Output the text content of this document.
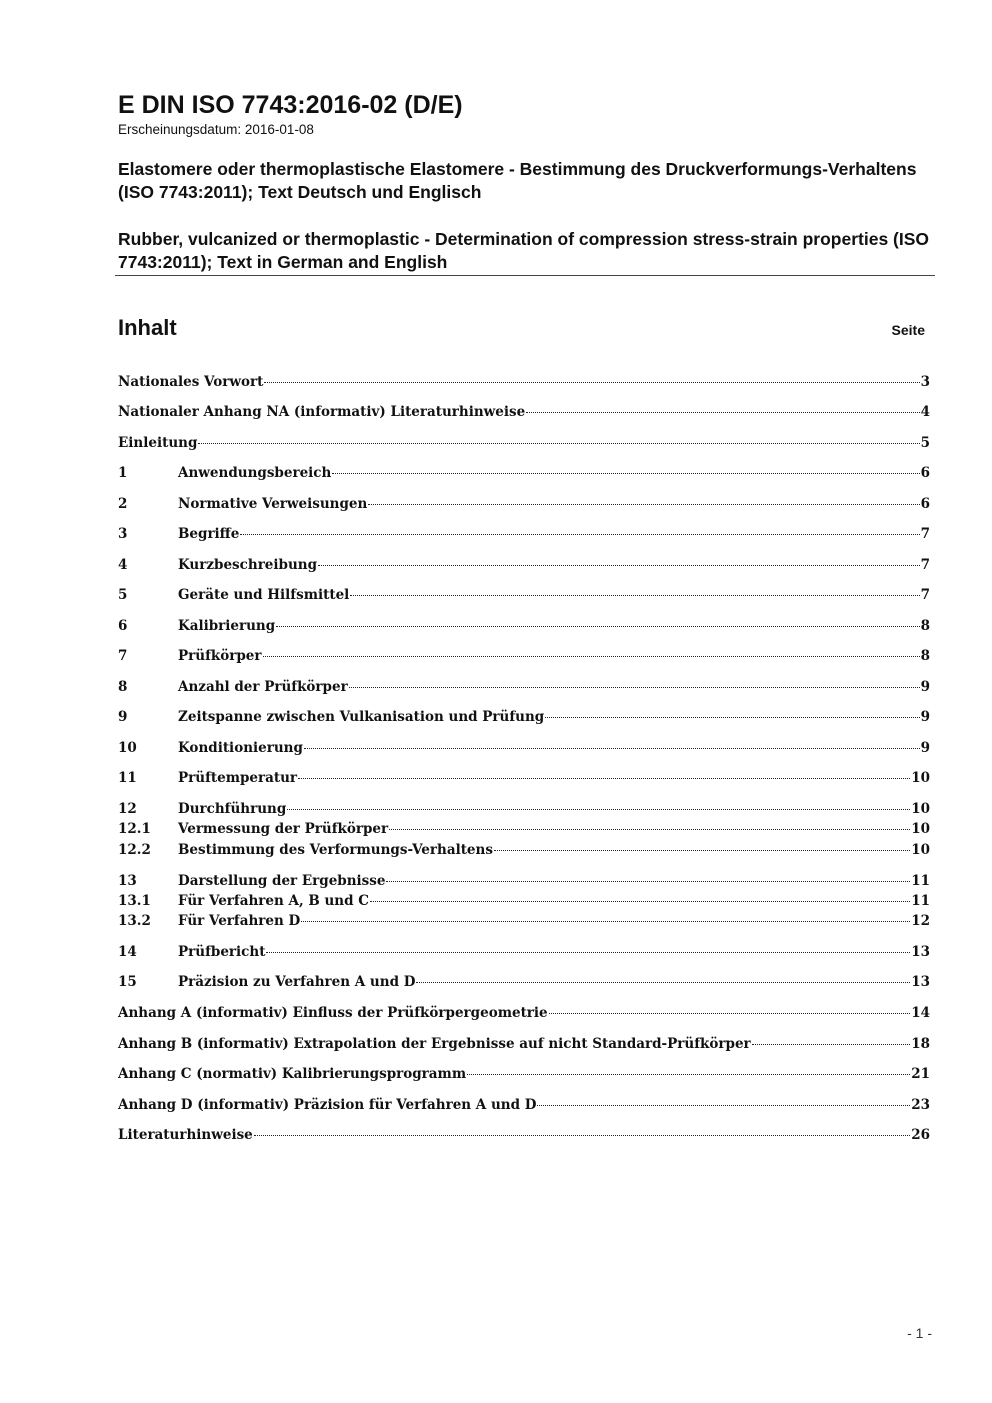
E DIN ISO 7743:2016-02 (D/E)
Erscheinungsdatum: 2016-01-08
Elastomere oder thermoplastische Elastomere - Bestimmung des Druckverformungs-Verhaltens (ISO 7743:2011); Text Deutsch und Englisch
Rubber, vulcanized or thermoplastic - Determination of compression stress-strain properties (ISO 7743:2011); Text in German and English
Inhalt	Seite
Nationales Vorwort	3
Nationaler Anhang NA (informativ) Literaturhinweise	4
Einleitung	5
1	Anwendungsbereich	6
2	Normative Verweisungen	6
3	Begriffe	7
4	Kurzbeschreibung	7
5	Geräte und Hilfsmittel	7
6	Kalibrierung	8
7	Prüfkörper	8
8	Anzahl der Prüfkörper	9
9	Zeitspanne zwischen Vulkanisation und Prüfung	9
10	Konditionierung	9
11	Prüftemperatur	10
12	Durchführung	10
12.1	Vermessung der Prüfkörper	10
12.2	Bestimmung des Verformungs-Verhaltens	10
13	Darstellung der Ergebnisse	11
13.1	Für Verfahren A, B und C	11
13.2	Für Verfahren D	12
14	Prüfbericht	13
15	Präzision zu Verfahren A und D	13
Anhang A (informativ) Einfluss der Prüfkörpergeometrie	14
Anhang B (informativ) Extrapolation der Ergebnisse auf nicht Standard-Prüfkörper	18
Anhang C (normativ) Kalibrierungsprogramm	21
Anhang D (informativ) Präzision für Verfahren A und D	23
Literaturhinweise	26
- 1 -
